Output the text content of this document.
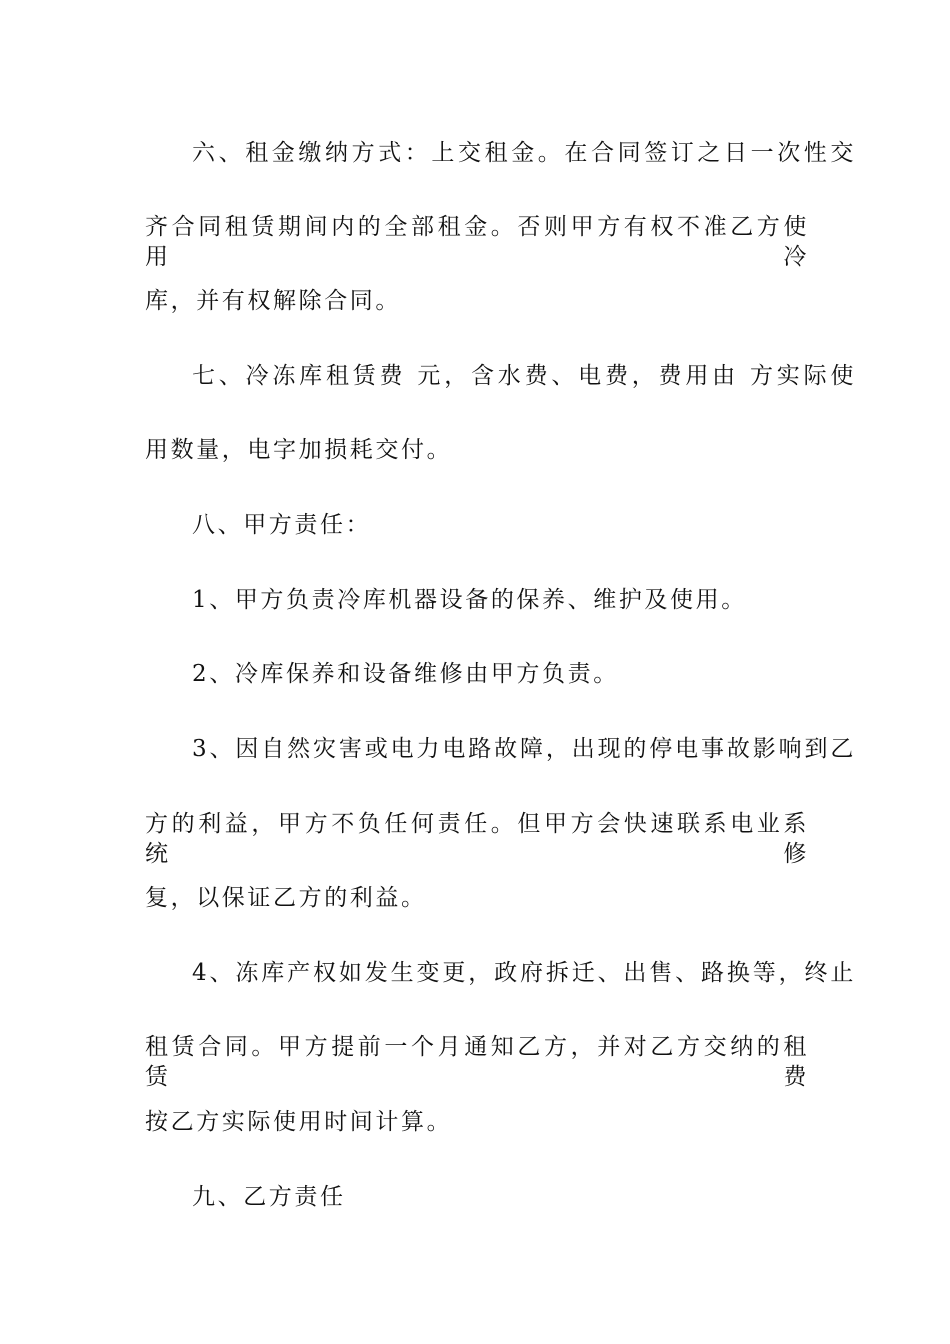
六、租金缴纳方式：上交租金。在合同签订之日一次性交
齐合同租赁期间内的全部租金。否则甲方有权不准乙方使用冷
库，并有权解除合同。
七、冷冻库租赁费 元，含水费、电费，费用由 方实际使
用数量，电字加损耗交付。
八、甲方责任：
1、甲方负责冷库机器设备的保养、维护及使用。
2、冷库保养和设备维修由甲方负责。
3、因自然灾害或电力电路故障，出现的停电事故影响到乙
方的利益，甲方不负任何责任。但甲方会快速联系电业系统修
复，以保证乙方的利益。
4、冻库产权如发生变更，政府拆迁、出售、路换等，终止
租赁合同。甲方提前一个月通知乙方，并对乙方交纳的租赁费
按乙方实际使用时间计算。
九、乙方责任
